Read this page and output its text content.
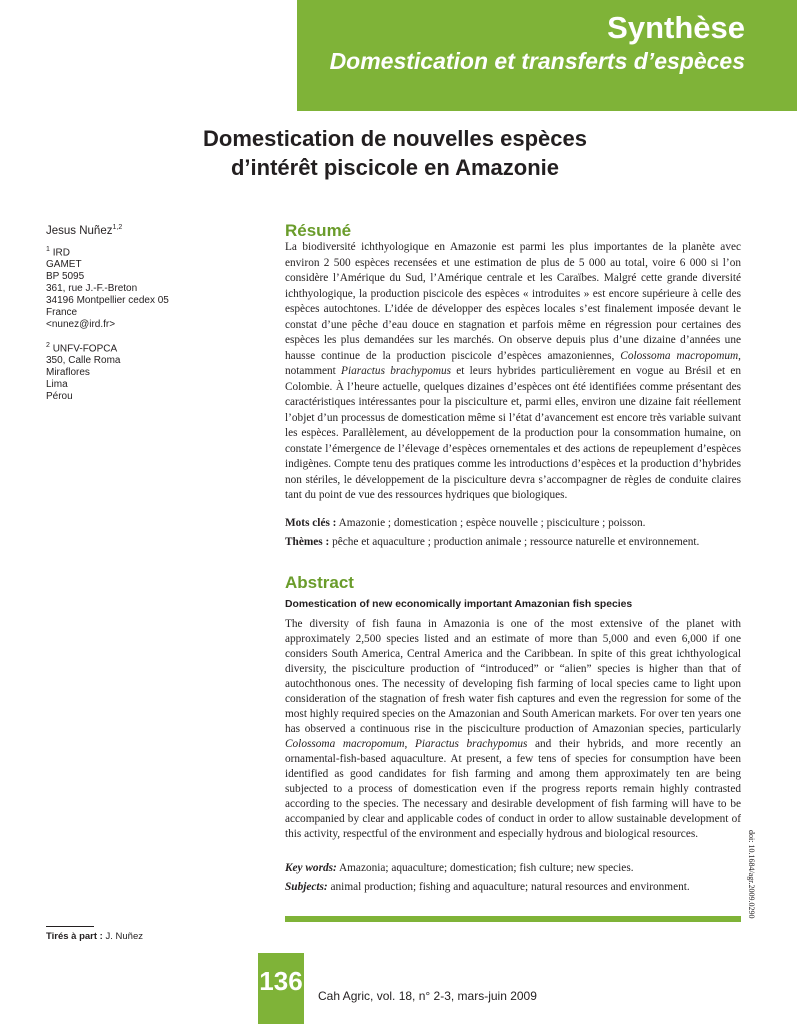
Synthèse
Domestication et transferts d’espèces
Domestication de nouvelles espèces
d’intérêt piscicole en Amazonie
Jesus Nuñez$^{1,2}$
$^1$ IRD
GAMET
BP 5095
361, rue J.-F.-Breton
34196 Montpellier cedex 05
France
<nunez@ird.fr>
$^2$ UNFV-FOPCA
350, Calle Roma
Miraflores
Lima
Pérou
Résumé
La biodiversité ichthyologique en Amazonie est parmi les plus importantes de la planète avec environ 2 500 espèces recensées et une estimation de plus de 5 000 au total, voire 6 000 si l’on considère l’Amérique du Sud, l’Amérique centrale et les Caraïbes. Malgré cette grande diversité ichthyologique, la production piscicole des espèces « introduites » est encore supérieure à celle des espèces autochtones. L’idée de développer des espèces locales s’est finalement imposée devant le constat d’une pêche d’eau douce en stagnation et parfois même en régression pour certaines des espèces les plus demandées sur les marchés. On observe depuis plus d’une dizaine d’années une hausse continue de la production piscicole d’espèces amazoniennes, Colossoma macropomum, notamment Piaractus brachypomus et leurs hybrides particulièrement en vogue au Brésil et en Colombie. À l’heure actuelle, quelques dizaines d’espèces ont été identifiées comme présentant des caractéristiques intéressantes pour la pisciculture et, parmi elles, environ une dizaine fait réellement l’objet d’un processus de domestication même si l’état d’avancement est encore très variable suivant les espèces. Parallèlement, au développement de la production pour la consommation humaine, on constate l’émergence de l’élevage d’espèces ornementales et des actions de repeuplement d’espèces indigènes. Compte tenu des pratiques comme les introductions d’espèces et la production d’hybrides non stériles, le développement de la pisciculture devra s’accompagner de règles de conduite claires tant du point de vue des ressources hydriques que biologiques.
Mots clés : Amazonie ; domestication ; espèce nouvelle ; pisciculture ; poisson.
Thèmes : pêche et aquaculture ; production animale ; ressource naturelle et environnement.
Abstract
Domestication of new economically important Amazonian fish species
The diversity of fish fauna in Amazonia is one of the most extensive of the planet with approximately 2,500 species listed and an estimate of more than 5,000 and even 6,000 if one considers South America, Central America and the Caribbean. In spite of this great ichthyological diversity, the pisciculture production of “introduced” or “alien” species is higher than that of autochthonous ones. The necessity of developing fish farming of local species came to light upon consideration of the stagnation of fresh water fish captures and even the regression for some of the most highly required species on the Amazonian and South American markets. For over ten years one has observed a continuous rise in the pisciculture production of Amazonian species, particularly Colossoma macropomum, Piaractus brachypomus and their hybrids, and more recently an ornamental-fish-based aquaculture. At present, a few tens of species for consumption have been identified as good candidates for fish farming and among them approximately ten are being subjected to a process of domestication even if the progress reports remain highly contrasted according to the species. The necessary and desirable development of fish farming will have to be accompanied by clear and applicable codes of conduct in order to allow sustainable development of this activity, respectful of the environment and especially hydrous and biological resources.
Key words: Amazonia; aquaculture; domestication; fish culture; new species.
Subjects: animal production; fishing and aquaculture; natural resources and environment.
Tirés à part : J. Nuñez
136 Cah Agric, vol. 18, n° 2-3, mars-juin 2009
doi: 10.1684/agr.2009.0290
